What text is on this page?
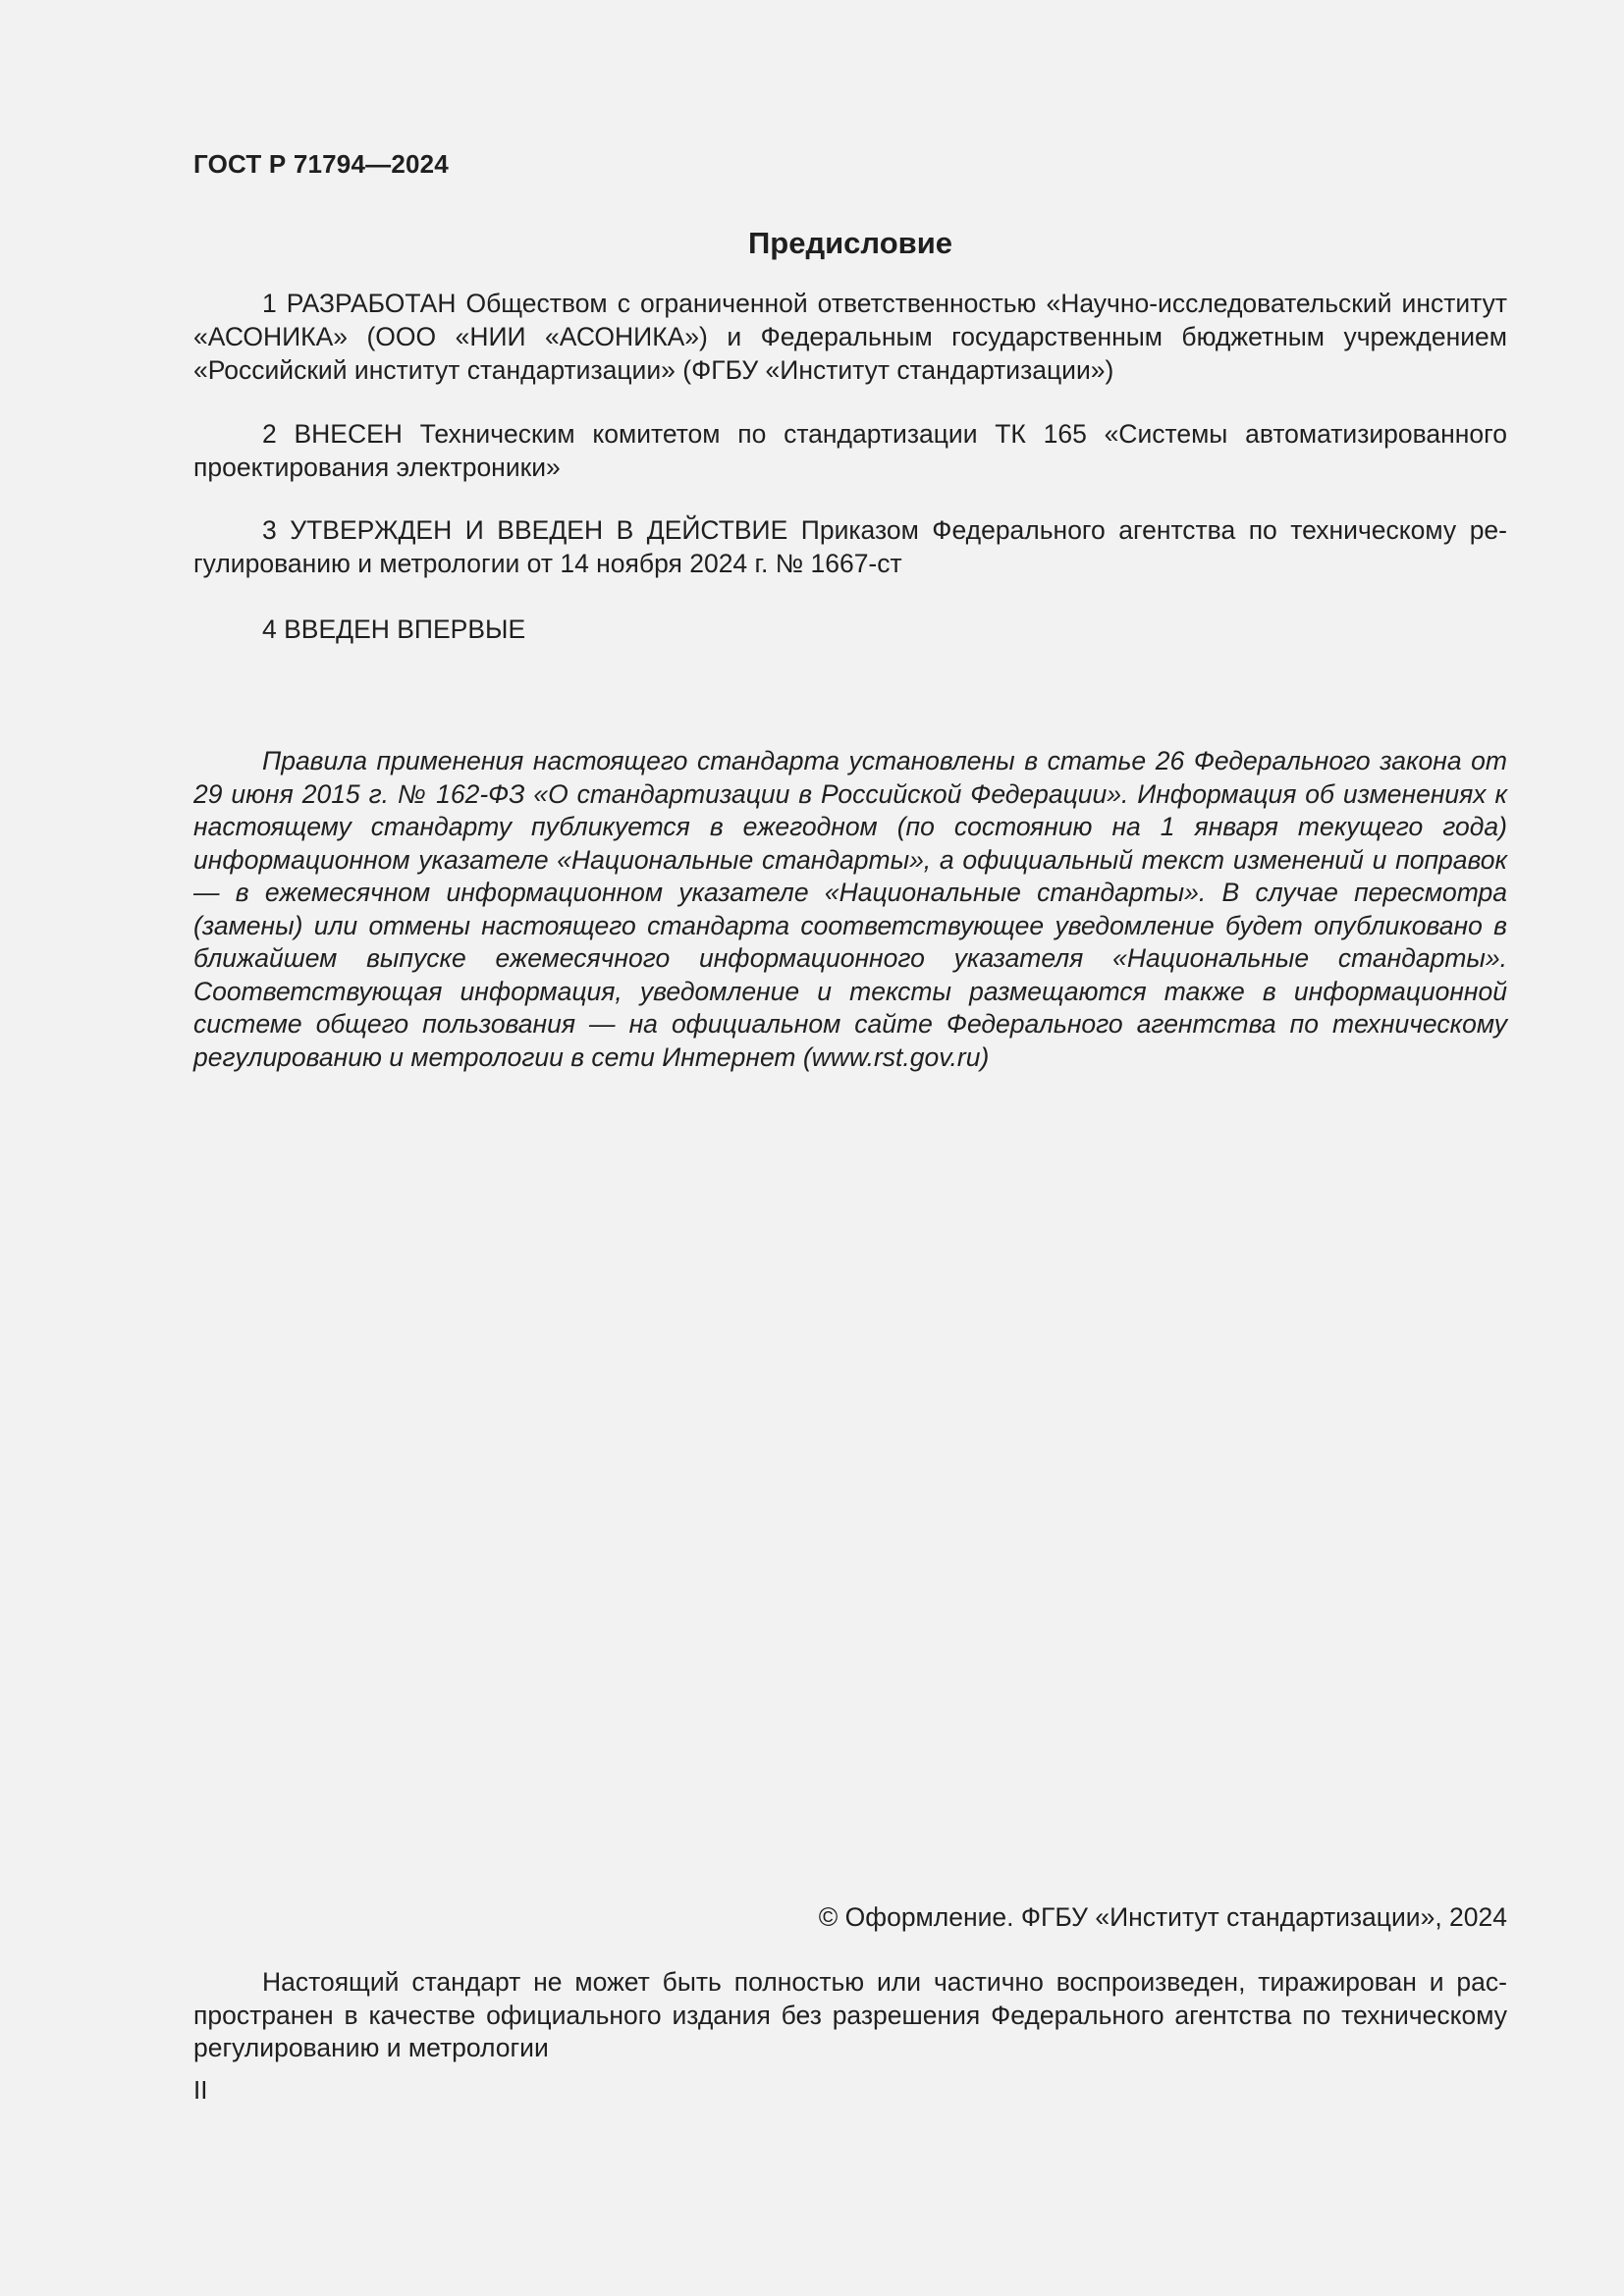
ГОСТ Р 71794—2024
Предисловие

1 РАЗРАБОТАН Обществом с ограниченной ответственностью «Научно-исследовательский институт «АСОНИКА» (ООО «НИИ «АСОНИКА») и Федеральным государственным бюджетным учреждением «Российский институт стандартизации» (ФГБУ «Институт стандартизации»)

2 ВНЕСЕН Техническим комитетом по стандартизации ТК 165 «Системы автоматизированного проектирования электроники»

3 УТВЕРЖДЕН И ВВЕДЕН В ДЕЙСТВИЕ Приказом Федерального агентства по техническому регулированию и метрологии от 14 ноября 2024 г. № 1667-ст

4 ВВЕДЕН ВПЕРВЫЕ

Правила применения настоящего стандарта установлены в статье 26 Федерального закона от 29 июня 2015 г. № 162-ФЗ «О стандартизации в Российской Федерации». Информация об изменениях к настоящему стандарту публикуется в ежегодном (по состоянию на 1 января текущего года) информационном указателе «Национальные стандарты», а официальный текст изменений и поправок — в ежемесячном информационном указателе «Национальные стандарты». В случае пересмотра (замены) или отмены настоящего стандарта соответствующее уведомление будет опубликовано в ближайшем выпуске ежемесячного информационного указателя «Национальные стандарты». Соответствующая информация, уведомление и тексты размещаются также в информационной системе общего пользования — на официальном сайте Федерального агентства по техническому регулированию и метрологии в сети Интернет (www.rst.gov.ru)

© Оформление. ФГБУ «Институт стандартизации», 2024

Настоящий стандарт не может быть полностью или частично воспроизведен, тиражирован и распространен в качестве официального издания без разрешения Федерального агентства по техническому регулированию и метрологии

II
